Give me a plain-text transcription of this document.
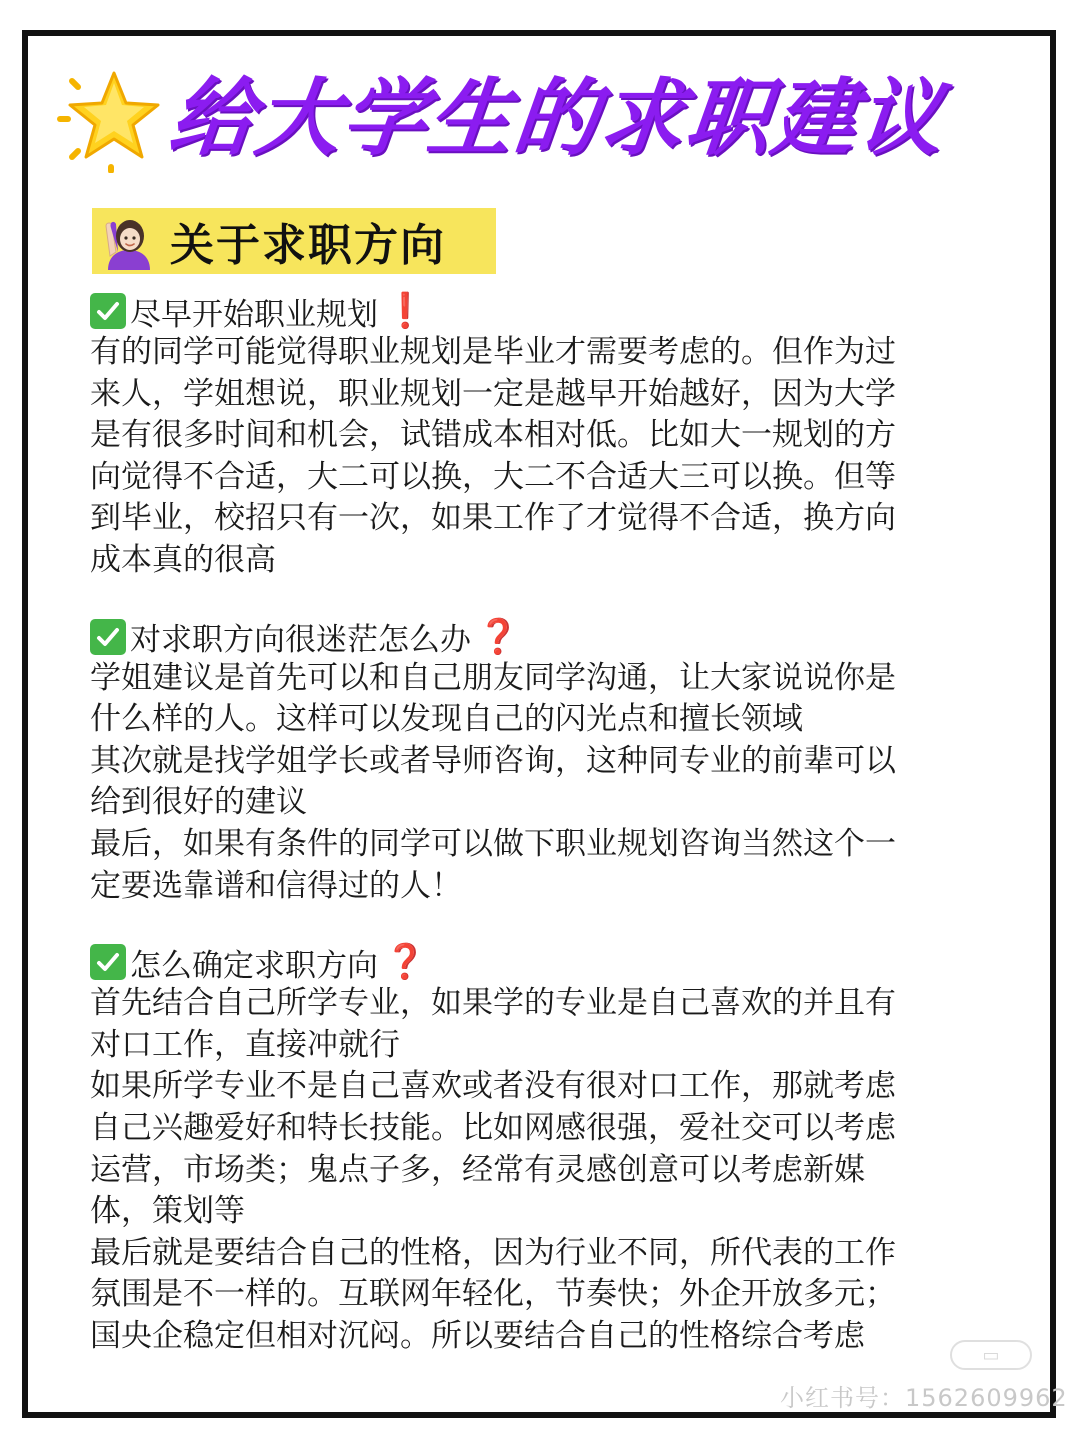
给大学生的求职建议
关于求职方向
尽早开始职业规划 ❗
有的同学可能觉得职业规划是毕业才需要考虑的。但作为过
来人，学姐想说，职业规划一定是越早开始越好，因为大学
是有很多时间和机会，试错成本相对低。比如大一规划的方
向觉得不合适，大二可以换，大二不合适大三可以换。但等
到毕业，校招只有一次，如果工作了才觉得不合适，换方向
成本真的很高
对求职方向很迷茫怎么办 ❓
学姐建议是首先可以和自己朋友同学沟通，让大家说说你是
什么样的人。这样可以发现自己的闪光点和擅长领域
其次就是找学姐学长或者导师咨询，这种同专业的前辈可以
给到很好的建议
最后，如果有条件的同学可以做下职业规划咨询当然这个一
定要选靠谱和信得过的人！
怎么确定求职方向 ❓
首先结合自己所学专业，如果学的专业是自己喜欢的并且有
对口工作，直接冲就行
如果所学专业不是自己喜欢或者没有很对口工作，那就考虑
自己兴趣爱好和特长技能。比如网感很强，爱社交可以考虑
运营，市场类；鬼点子多，经常有灵感创意可以考虑新媒
体，策划等
最后就是要结合自己的性格，因为行业不同，所代表的工作
氛围是不一样的。互联网年轻化，节奏快；外企开放多元；
国央企稳定但相对沉闷。所以要结合自己的性格综合考虑
▭
小红书号：1562609962
